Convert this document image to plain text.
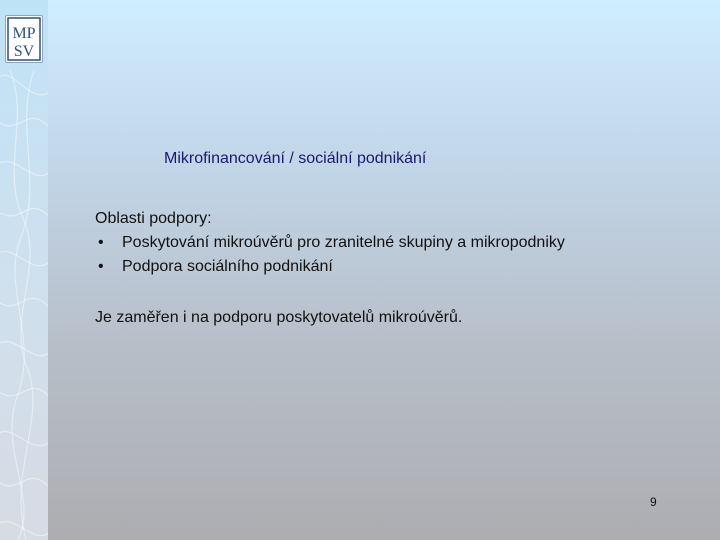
MP
SV
Mikrofinancování / sociální podnikání

Oblasti podpory:

• Poskytování mikroúvěrů pro zranitelné skupiny a mikropodniky
• Podpora sociálního podnikání

Je zaměřen i na podporu poskytovatelů mikroúvěrů.

9
